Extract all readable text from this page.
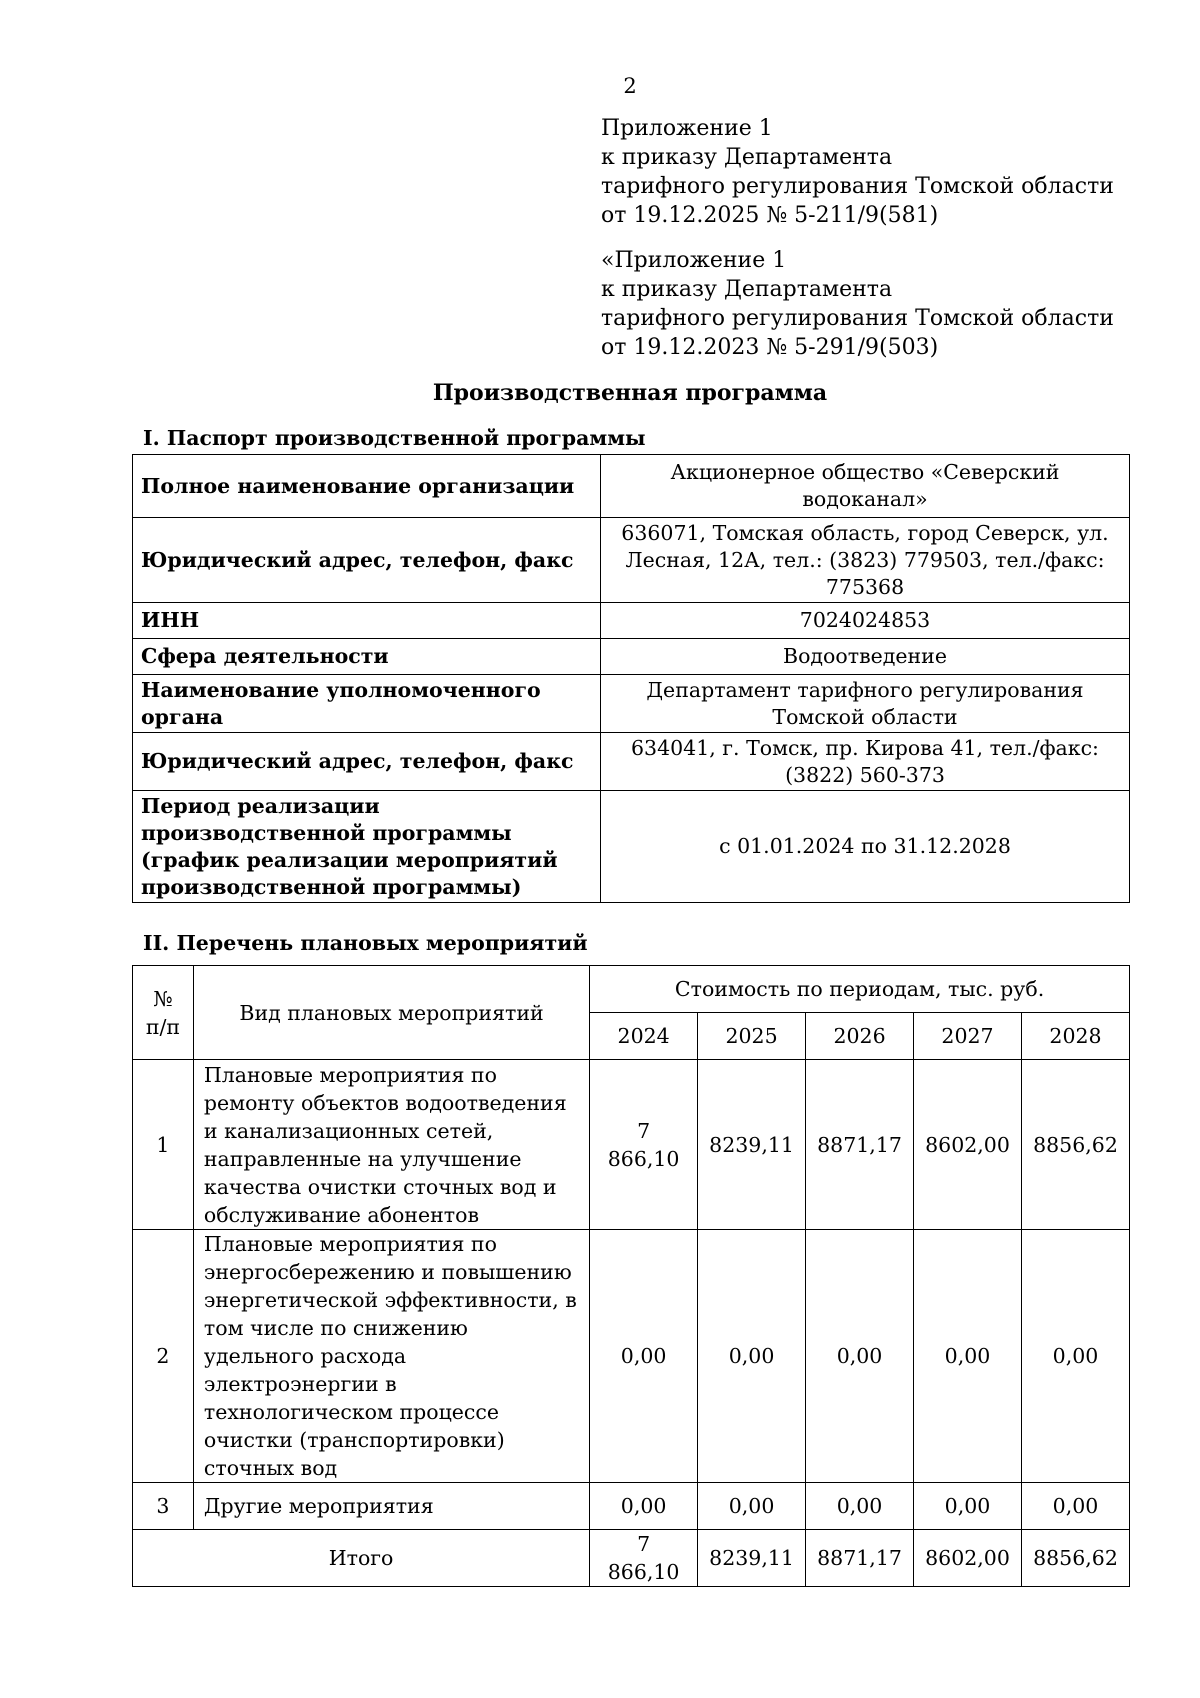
2
Приложение 1
к приказу Департамента
тарифного регулирования Томской области
от 19.12.2025 № 5-211/9(581)
«Приложение 1
к приказу Департамента
тарифного регулирования Томской области
от 19.12.2023 № 5-291/9(503)
Производственная программа
I. Паспорт производственной программы
Полное наименование организации	Акционерное общество «Северский водоканал»
Юридический адрес, телефон, факс	636071, Томская область, город Северск, ул. Лесная, 12А, тел.: (3823) 779503, тел./факс: 775368
ИНН	7024024853
Сфера деятельности	Водоотведение
Наименование уполномоченного органа	Департамент тарифного регулирования Томской области
Юридический адрес, телефон, факс	634041, г. Томск, пр. Кирова 41, тел./факс: (3822) 560-373
Период реализации производственной программы (график реализации мероприятий производственной программы)	с 01.01.2024 по 31.12.2028
II. Перечень плановых мероприятий
№ п/п	Вид плановых мероприятий	Стоимость по периодам, тыс. руб.				
		2024	2025	2026	2027	2028
1	Плановые мероприятия по ремонту объектов водоотведения и канализационных сетей, направленные на улучшение качества очистки сточных вод и обслуживание абонентов	7 866,10	8239,11	8871,17	8602,00	8856,62
2	Плановые мероприятия по энергосбережению и повышению энергетической эффективности, в том числе по снижению удельного расхода электроэнергии в технологическом процессе очистки (транспортировки) сточных вод	0,00	0,00	0,00	0,00	0,00
3	Другие мероприятия	0,00	0,00	0,00	0,00	0,00
Итого		7 866,10	8239,11	8871,17	8602,00	8856,62
